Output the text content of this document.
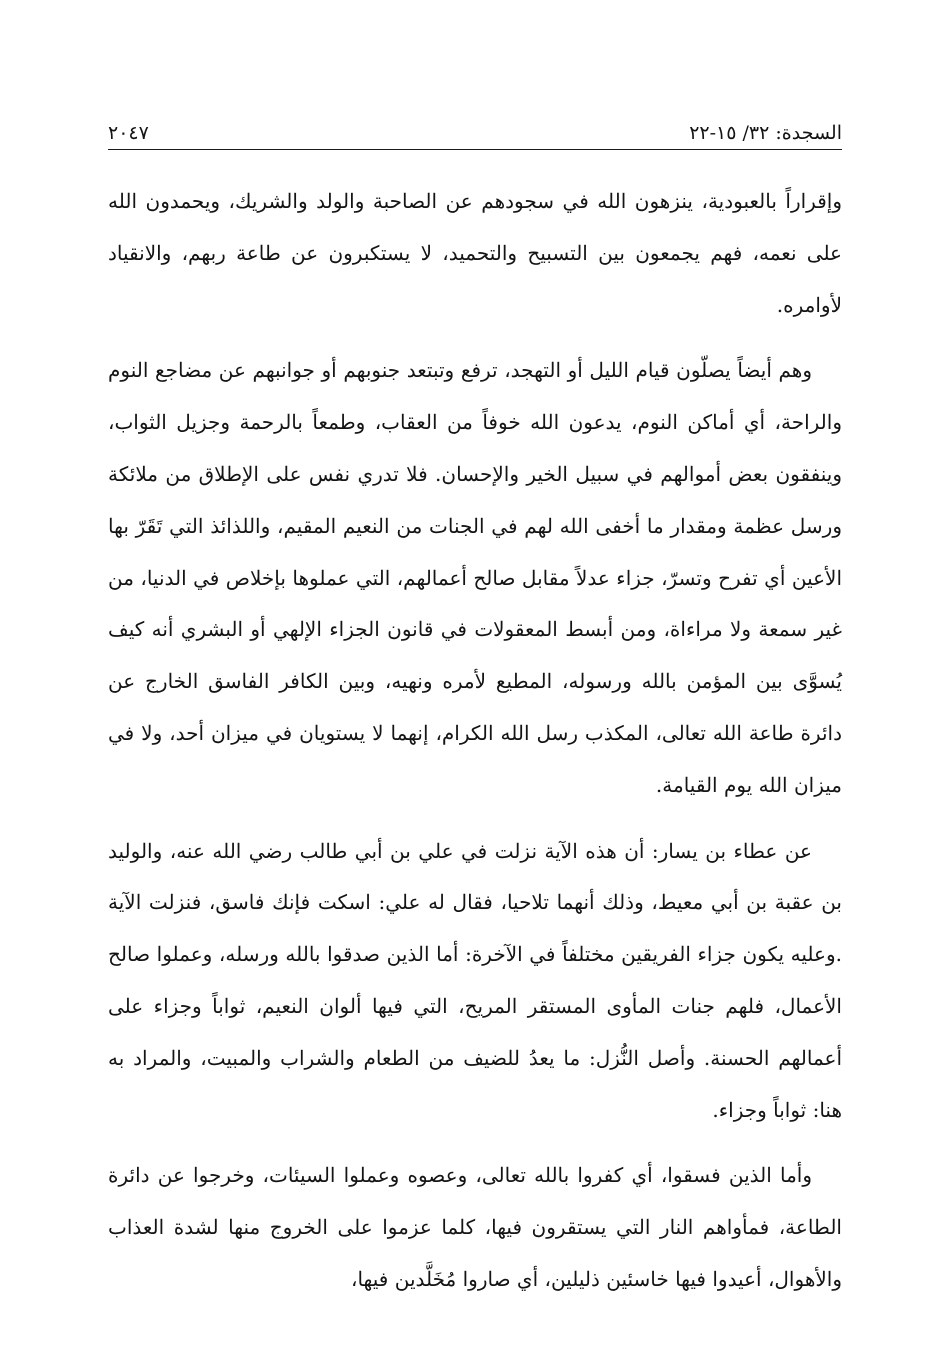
السجدة: ٣٢/ ١٥-٢٢
٢٠٤٧

وإقراراً بالعبودية، ينزهون الله في سجودهم عن الصاحبة والولد والشريك، ويحمدون الله على نعمه، فهم يجمعون بين التسبيح والتحميد، لا يستكبرون عن طاعة ربهم، والانقياد لأوامره.

وهم أيضاً يصلّون قيام الليل أو التهجد، ترفع وتبتعد جنوبهم أو جوانبهم عن مضاجع النوم والراحة، أي أماكن النوم، يدعون الله خوفاً من العقاب، وطمعاً بالرحمة وجزيل الثواب، وينفقون بعض أموالهم في سبيل الخير والإحسان. فلا تدري نفس على الإطلاق من ملائكة ورسل عظمة ومقدار ما أخفى الله لهم في الجنات من النعيم المقيم، واللذائذ التي تَقَرّ بها الأعين أي تفرح وتسرّ، جزاء عدلاً مقابل صالح أعمالهم، التي عملوها بإخلاص في الدنيا، من غير سمعة ولا مراءاة، ومن أبسط المعقولات في قانون الجزاء الإلهي أو البشري أنه كيف يُسوَّى بين المؤمن بالله ورسوله، المطيع لأمره ونهيه، وبين الكافر الفاسق الخارج عن دائرة طاعة الله تعالى، المكذب رسل الله الكرام، إنهما لا يستويان في ميزان أحد، ولا في ميزان الله يوم القيامة.

عن عطاء بن يسار: أن هذه الآية نزلت في علي بن أبي طالب رضي الله عنه، والوليد بن عقبة بن أبي معيط، وذلك أنهما تلاحيا، فقال له علي: اسكت فإنك فاسق، فنزلت الآية .وعليه يكون جزاء الفريقين مختلفاً في الآخرة: أما الذين صدقوا بالله ورسله، وعملوا صالح الأعمال، فلهم جنات المأوى المستقر المريح، التي فيها ألوان النعيم، ثواباً وجزاء على أعمالهم الحسنة. وأصل النُّزل: ما يعدُ للضيف من الطعام والشراب والمبيت، والمراد به هنا: ثواباً وجزاء.

وأما الذين فسقوا، أي كفروا بالله تعالى، وعصوه وعملوا السيئات، وخرجوا عن دائرة الطاعة، فمأواهم النار التي يستقرون فيها، كلما عزموا على الخروج منها لشدة العذاب والأهوال، أعيدوا فيها خاسئين ذليلين، أي صاروا مُخَلَّدين فيها،
